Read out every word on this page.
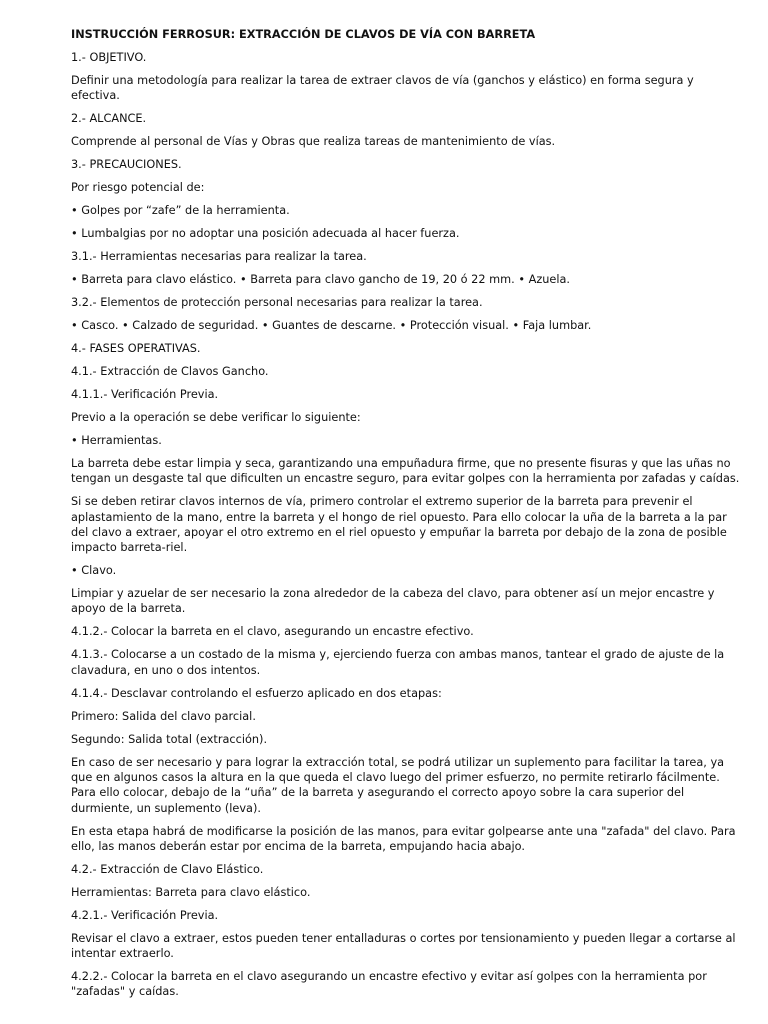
INSTRUCCIÓN FERROSUR: EXTRACCIÓN DE CLAVOS DE VÍA CON BARRETA

1.- OBJETIVO.

Definir una metodología para realizar la tarea de extraer clavos de vía (ganchos y elástico) en forma segura y efectiva.

2.- ALCANCE.

Comprende al personal de Vías y Obras que realiza tareas de mantenimiento de vías.

3.- PRECAUCIONES.

Por riesgo potencial de:

• Golpes por “zafe” de la herramienta.

• Lumbalgias por no adoptar una posición adecuada al hacer fuerza.

3.1.- Herramientas necesarias para realizar la tarea.

• Barreta para clavo elástico. • Barreta para clavo gancho de 19, 20 ó 22 mm. • Azuela.

3.2.- Elementos de protección personal necesarias para realizar la tarea.

• Casco. • Calzado de seguridad. • Guantes de descarne. • Protección visual. • Faja lumbar.

4.- FASES OPERATIVAS.

4.1.- Extracción de Clavos Gancho.

4.1.1.- Verificación Previa.

Previo a la operación se debe verificar lo siguiente:

• Herramientas.

La barreta debe estar limpia y seca, garantizando una empuñadura firme, que no presente fisuras y que las uñas no tengan un desgaste tal que dificulten un encastre seguro, para evitar golpes con la herramienta por zafadas y caídas.

Si se deben retirar clavos internos de vía, primero controlar el extremo superior de la barreta para prevenir el aplastamiento de la mano, entre la barreta y el hongo de riel opuesto. Para ello colocar la uña de la barreta a la par del clavo a extraer, apoyar el otro extremo en el riel opuesto y empuñar la barreta por debajo de la zona de posible impacto barreta-riel.

• Clavo.

Limpiar y azuelar de ser necesario la zona alrededor de la cabeza del clavo, para obtener así un mejor encastre y apoyo de la barreta.

4.1.2.- Colocar la barreta en el clavo, asegurando un encastre efectivo.

4.1.3.- Colocarse a un costado de la misma y, ejerciendo fuerza con ambas manos, tantear el grado de ajuste de la clavadura, en uno o dos intentos.

4.1.4.- Desclavar controlando el esfuerzo aplicado en dos etapas:

Primero: Salida del clavo parcial.

Segundo: Salida total (extracción).

En caso de ser necesario y para lograr la extracción total, se podrá utilizar un suplemento para facilitar la tarea, ya que en algunos casos la altura en la que queda el clavo luego del primer esfuerzo, no permite retirarlo fácilmente. Para ello colocar, debajo de la “uña” de la barreta y asegurando el correcto apoyo sobre la cara superior del durmiente, un suplemento (leva).

En esta etapa habrá de modificarse la posición de las manos, para evitar golpearse ante una "zafada" del clavo. Para ello, las manos deberán estar por encima de la barreta, empujando hacia abajo.

4.2.- Extracción de Clavo Elástico.

Herramientas: Barreta para clavo elástico.

4.2.1.- Verificación Previa.

Revisar el clavo a extraer, estos pueden tener entalladuras o cortes por tensionamiento y pueden llegar a cortarse al intentar extraerlo.

4.2.2.- Colocar la barreta en el clavo asegurando un encastre efectivo y evitar así golpes con la herramienta por "zafadas" y caídas.
